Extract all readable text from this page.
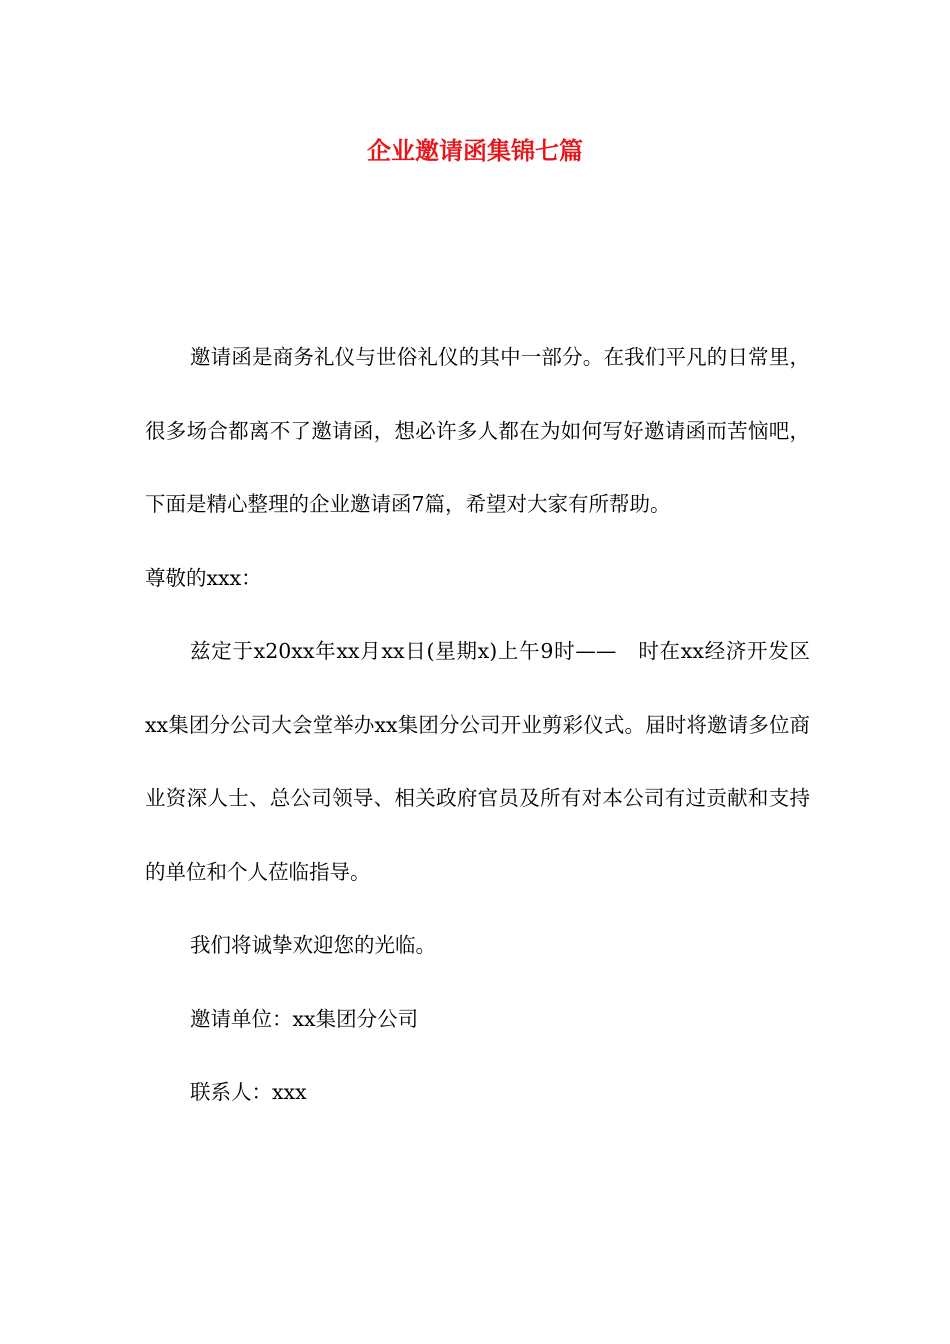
企业邀请函集锦七篇

邀请函是商务礼仪与世俗礼仪的其中一部分。在我们平凡的日常里，很多场合都离不了邀请函，想必许多人都在为如何写好邀请函而苦恼吧，下面是精心整理的企业邀请函7篇，希望对大家有所帮助。

尊敬的xxx：

兹定于x20xx年xx月xx日(星期x)上午9时——　时在xx经济开发区xx集团分公司大会堂举办xx集团分公司开业剪彩仪式。届时将邀请多位商业资深人士、总公司领导、相关政府官员及所有对本公司有过贡献和支持的单位和个人莅临指导。

我们将诚挚欢迎您的光临。

邀请单位：xx集团分公司

联系人：xxx
